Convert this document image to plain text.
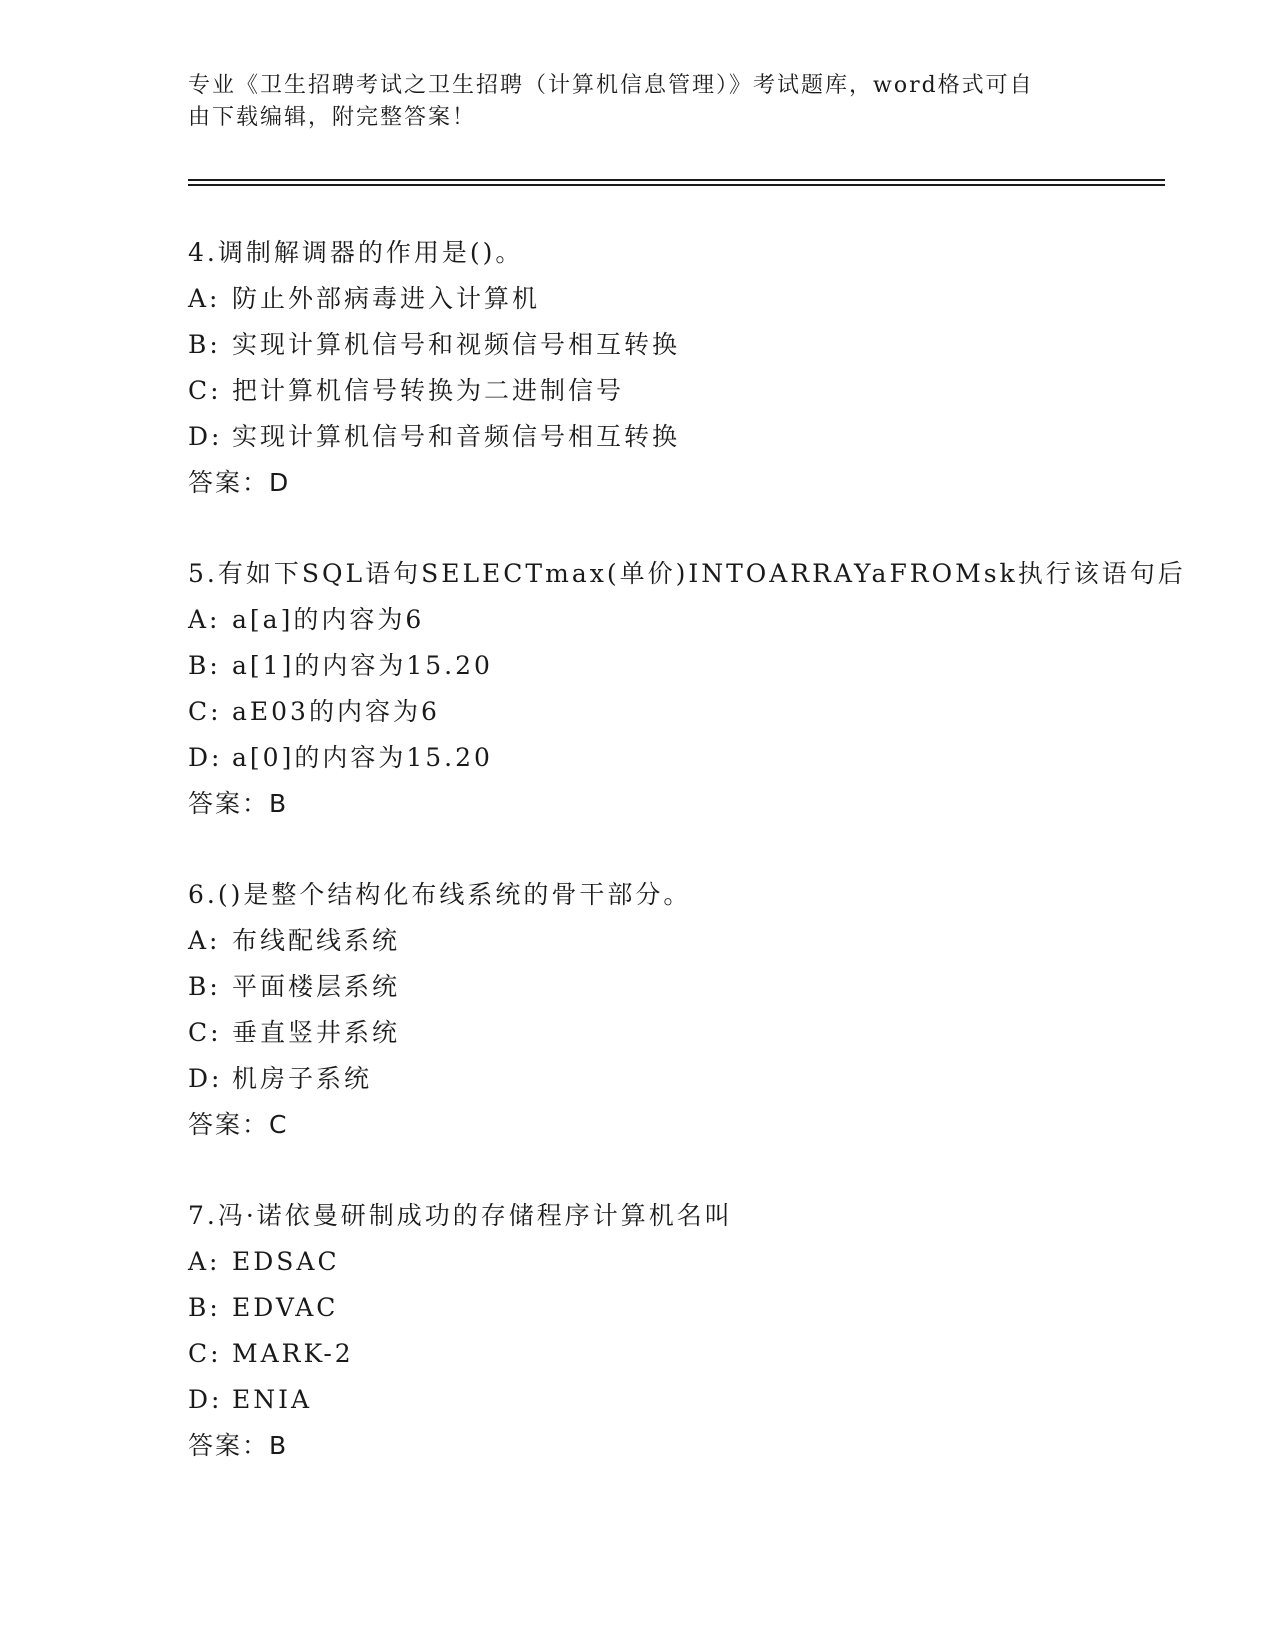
专业《卫生招聘考试之卫生招聘（计算机信息管理）》考试题库，word格式可自
由下载编辑，附完整答案！
4.调制解调器的作用是()。
A: 防止外部病毒进入计算机
B: 实现计算机信号和视频信号相互转换
C: 把计算机信号转换为二进制信号
D: 实现计算机信号和音频信号相互转换
答案：D
5.有如下SQL语句SELECTmax(单价)INTOARRAYaFROMsk执行该语句后
A: a[a]的内容为6
B: a[1]的内容为15.20
C: aE03的内容为6
D: a[0]的内容为15.20
答案：B
6.()是整个结构化布线系统的骨干部分。
A: 布线配线系统
B: 平面楼层系统
C: 垂直竖井系统
D: 机房子系统
答案：C
7.冯·诺依曼研制成功的存储程序计算机名叫
A: EDSAC
B: EDVAC
C: MARK-2
D: ENIA
答案：B
